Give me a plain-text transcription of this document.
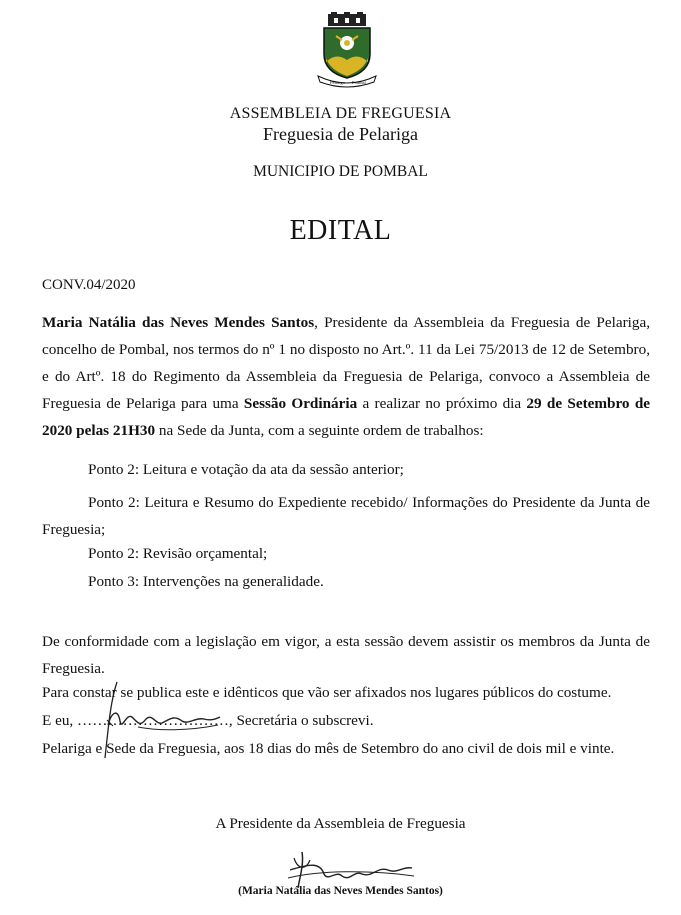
Pelariga Pombal
ASSEMBLEIA DE FREGUESIA
Freguesia de Pelariga
MUNICIPIO DE POMBAL
EDITAL
CONV.04/2020

Maria Natália das Neves Mendes Santos, Presidente da Assembleia da Freguesia de Pelariga, concelho de Pombal, nos termos do nº 1 no disposto no Art.º. 11 da Lei 75/2013 de 12 de Setembro, e do Artº. 18 do Regimento da Assembleia da Freguesia de Pelariga, convoco a Assembleia de Freguesia de Pelariga para uma Sessão Ordinária a realizar no próximo dia 29 de Setembro de 2020 pelas 21H30 na Sede da Junta, com a seguinte ordem de trabalhos:

Ponto 2: Leitura e votação da ata da sessão anterior;

Ponto 2: Leitura e Resumo do Expediente recebido/ Informações do Presidente da Junta de Freguesia;

Ponto 2: Revisão orçamental;
Ponto 3: Intervenções na generalidade.

De conformidade com a legislação em vigor, a esta sessão devem assistir os membros da Junta de Freguesia.

Para constar se publica este e idênticos que vão ser afixados nos lugares públicos do costume.
E eu, …………………………, Secretária o subscrevi.
Pelariga e Sede da Freguesia, aos 18 dias do mês de Setembro do ano civil de dois mil e vinte.
A Presidente da Assembleia de Freguesia
(Maria Natália das Neves Mendes Santos)
